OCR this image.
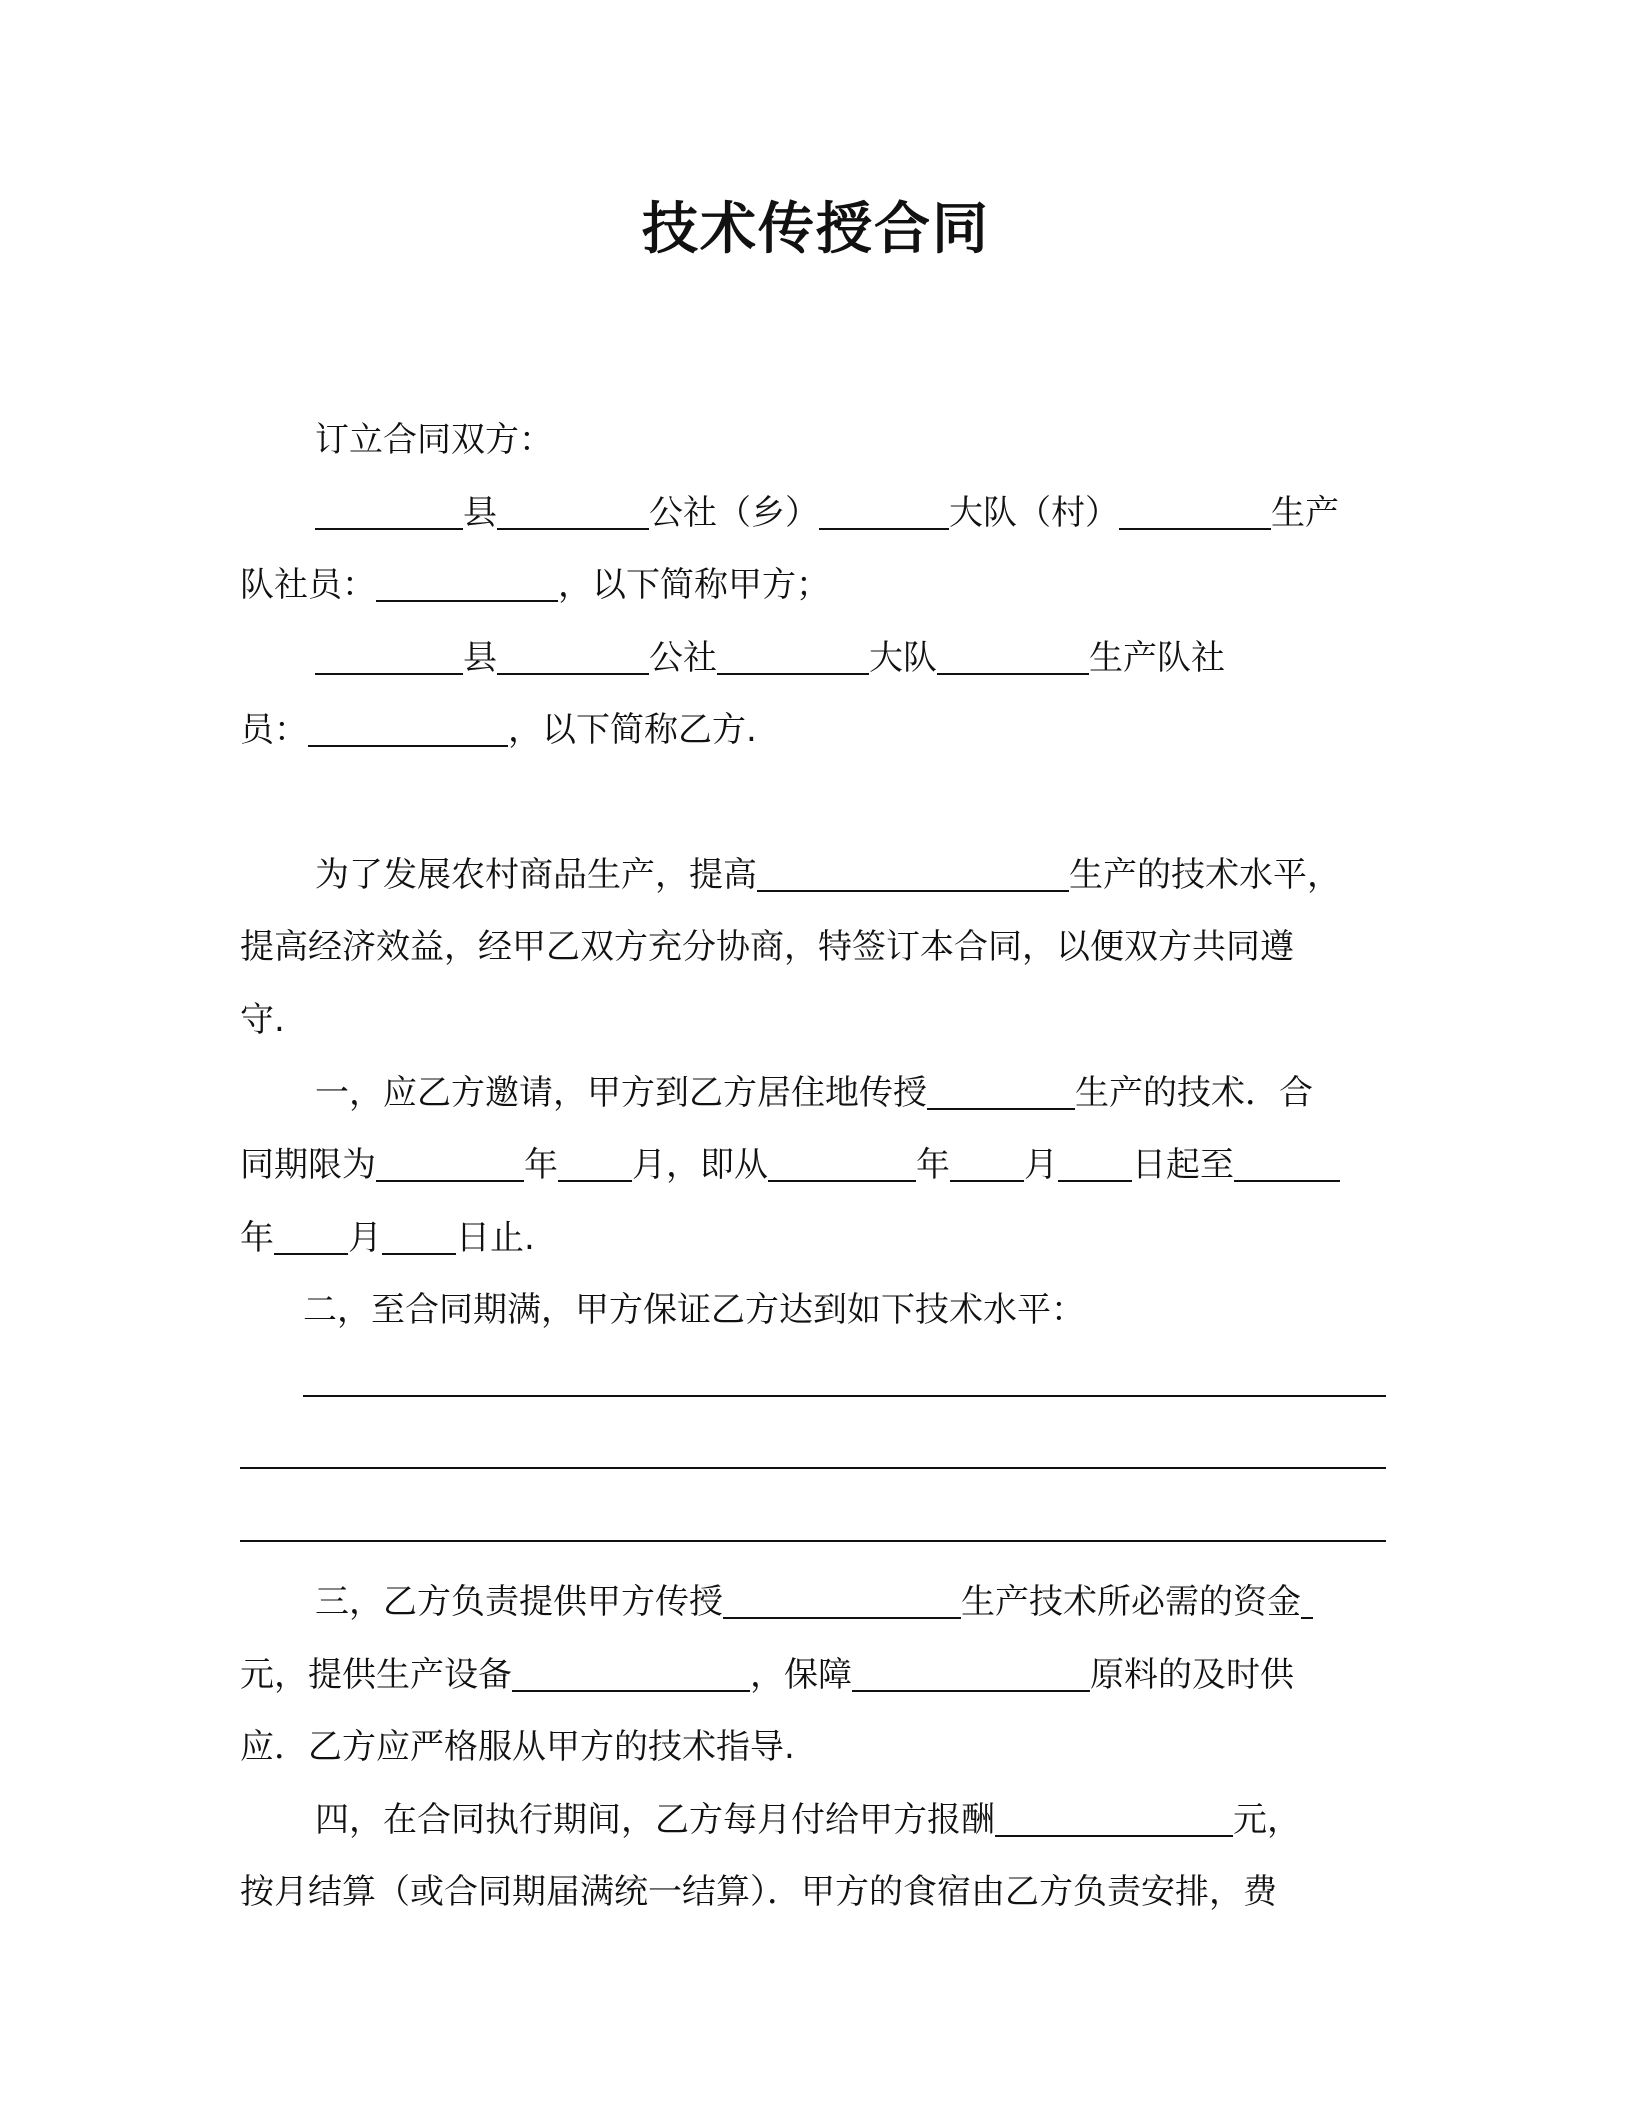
技术传授合同
订立合同双方：
县	公社（乡）	大队（村）	生产
队社员：	，以下简称甲方；
县	公社	大队	生产队社
员：	，以下简称乙方.
为了发展农村商品生产，提高	生产的技术水平，
提高经济效益，经甲乙双方充分协商，特签订本合同，以便双方共同遵
守.
一，应乙方邀请，甲方到乙方居住地传授	生产的技术．合
同期限为	年 月，即从	年 月 日起至
年 月 日止.
二，至合同期满，甲方保证乙方达到如下技术水平：
三，乙方负责提供甲方传授	生产技术所必需的资金
元，提供生产设备	，保障	原料的及时供
应．乙方应严格服从甲方的技术指导.
四，在合同执行期间，乙方每月付给甲方报酬	元，
按月结算（或合同期届满统一结算）．甲方的食宿由乙方负责安排，费
